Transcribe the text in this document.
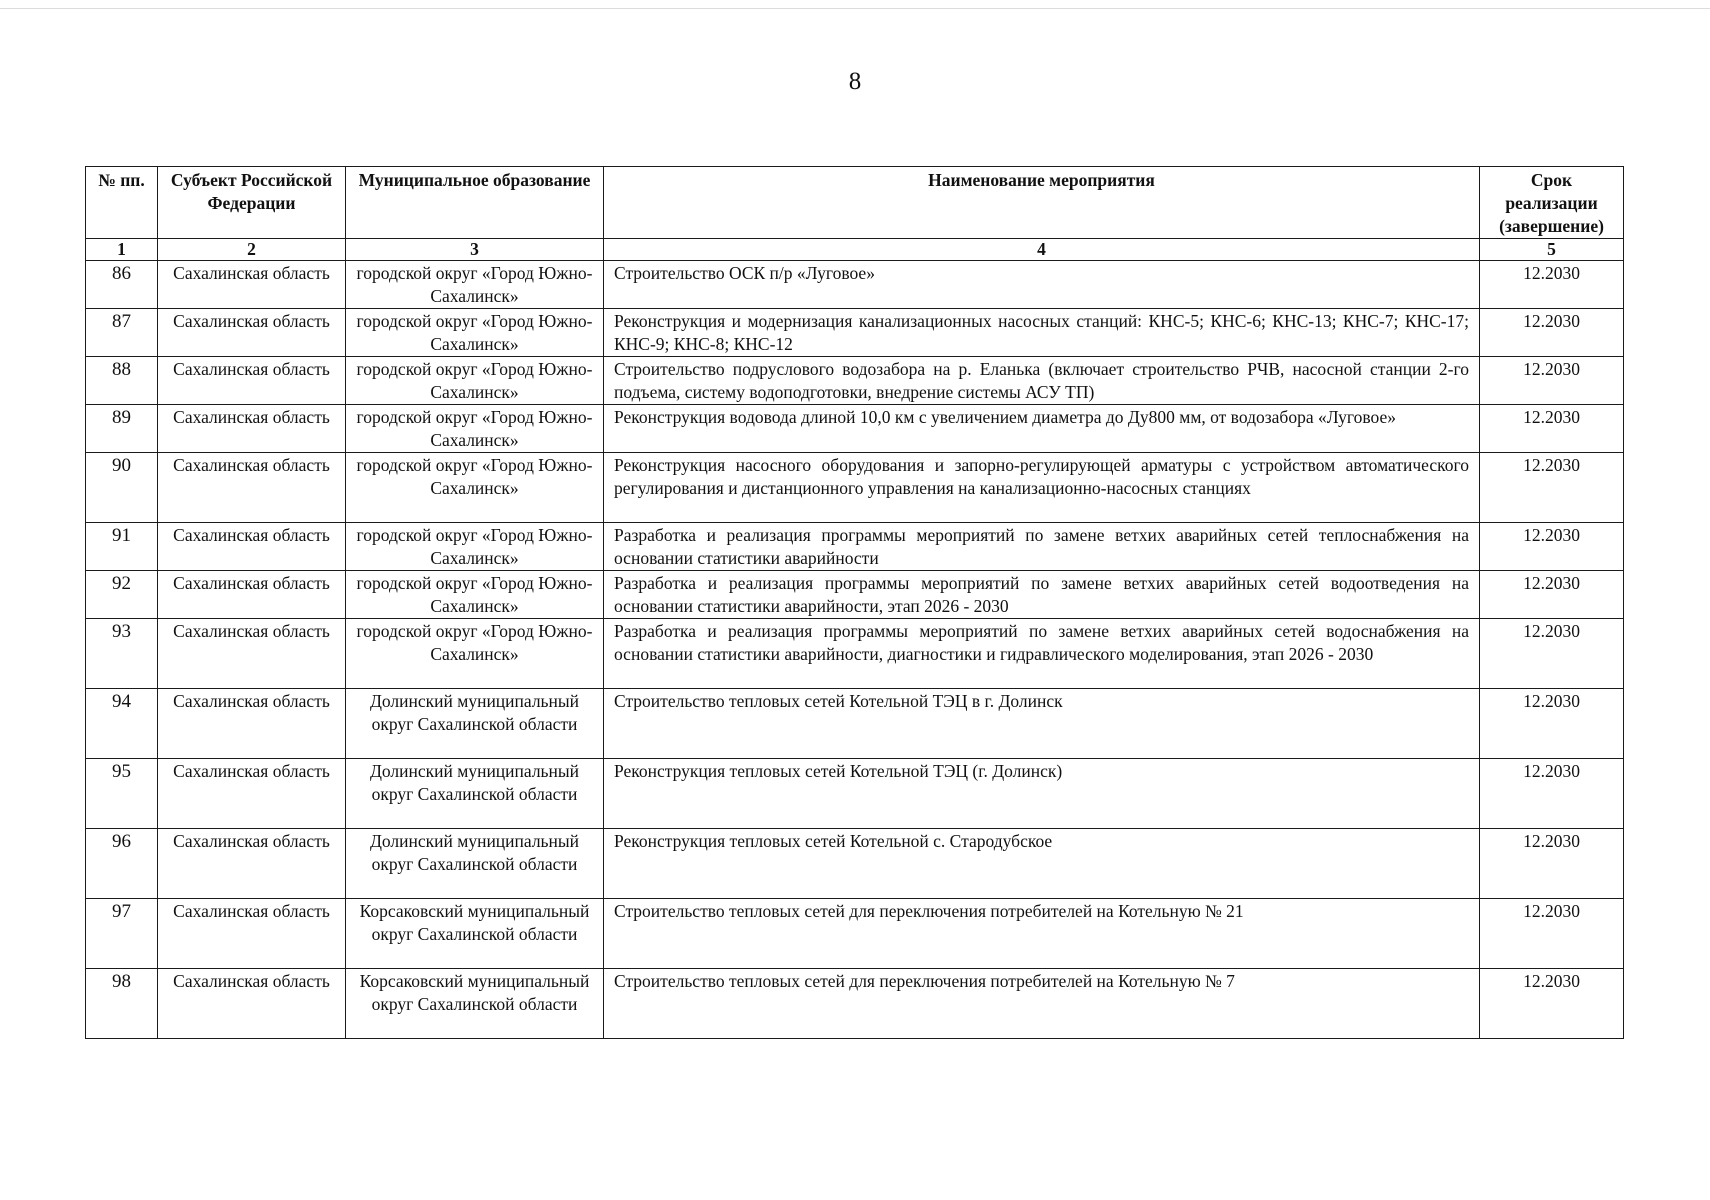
8
№ пп.	Субъект Российской Федерации	Муниципальное образование	Наименование мероприятия	Срок реализации (завершение)
1	2	3	4	5
86	Сахалинская область	городской округ «Город Южно-Сахалинск»	Строительство ОСК п/р «Луговое»	12.2030
87	Сахалинская область	городской округ «Город Южно-Сахалинск»	Реконструкция и модернизация канализационных насосных станций: КНС-5; КНС-6; КНС-13; КНС-7; КНС-17; КНС-9; КНС-8; КНС-12	12.2030
88	Сахалинская область	городской округ «Город Южно-Сахалинск»	Строительство подруслового водозабора на р. Еланька (включает строительство РЧВ, насосной станции 2-го подъема, систему водоподготовки, внедрение системы АСУ ТП)	12.2030
89	Сахалинская область	городской округ «Город Южно-Сахалинск»	Реконструкция водовода длиной 10,0 км с увеличением диаметра до Ду800 мм, от водозабора «Луговое»	12.2030
90	Сахалинская область	городской округ «Город Южно-Сахалинск»	Реконструкция насосного оборудования и запорно-регулирующей арматуры с устройством автоматического регулирования и дистанционного управления на канализационно-насосных станциях	12.2030
91	Сахалинская область	городской округ «Город Южно-Сахалинск»	Разработка и реализация программы мероприятий по замене ветхих аварийных сетей теплоснабжения на основании статистики аварийности	12.2030
92	Сахалинская область	городской округ «Город Южно-Сахалинск»	Разработка и реализация программы мероприятий по замене ветхих аварийных сетей водоотведения на основании статистики аварийности, этап 2026 - 2030	12.2030
93	Сахалинская область	городской округ «Город Южно-Сахалинск»	Разработка и реализация программы мероприятий по замене ветхих аварийных сетей водоснабжения на основании статистики аварийности, диагностики и гидравлического моделирования, этап 2026 - 2030	12.2030
94	Сахалинская область	Долинский муниципальный округ Сахалинской области	Строительство тепловых сетей Котельной ТЭЦ в г. Долинск	12.2030
95	Сахалинская область	Долинский муниципальный округ Сахалинской области	Реконструкция тепловых сетей Котельной ТЭЦ (г. Долинск)	12.2030
96	Сахалинская область	Долинский муниципальный округ Сахалинской области	Реконструкция тепловых сетей Котельной с. Стародубское	12.2030
97	Сахалинская область	Корсаковский муниципальный округ Сахалинской области	Строительство тепловых сетей для переключения потребителей на Котельную № 21	12.2030
98	Сахалинская область	Корсаковский муниципальный округ Сахалинской области	Строительство тепловых сетей для переключения потребителей на Котельную № 7	12.2030
